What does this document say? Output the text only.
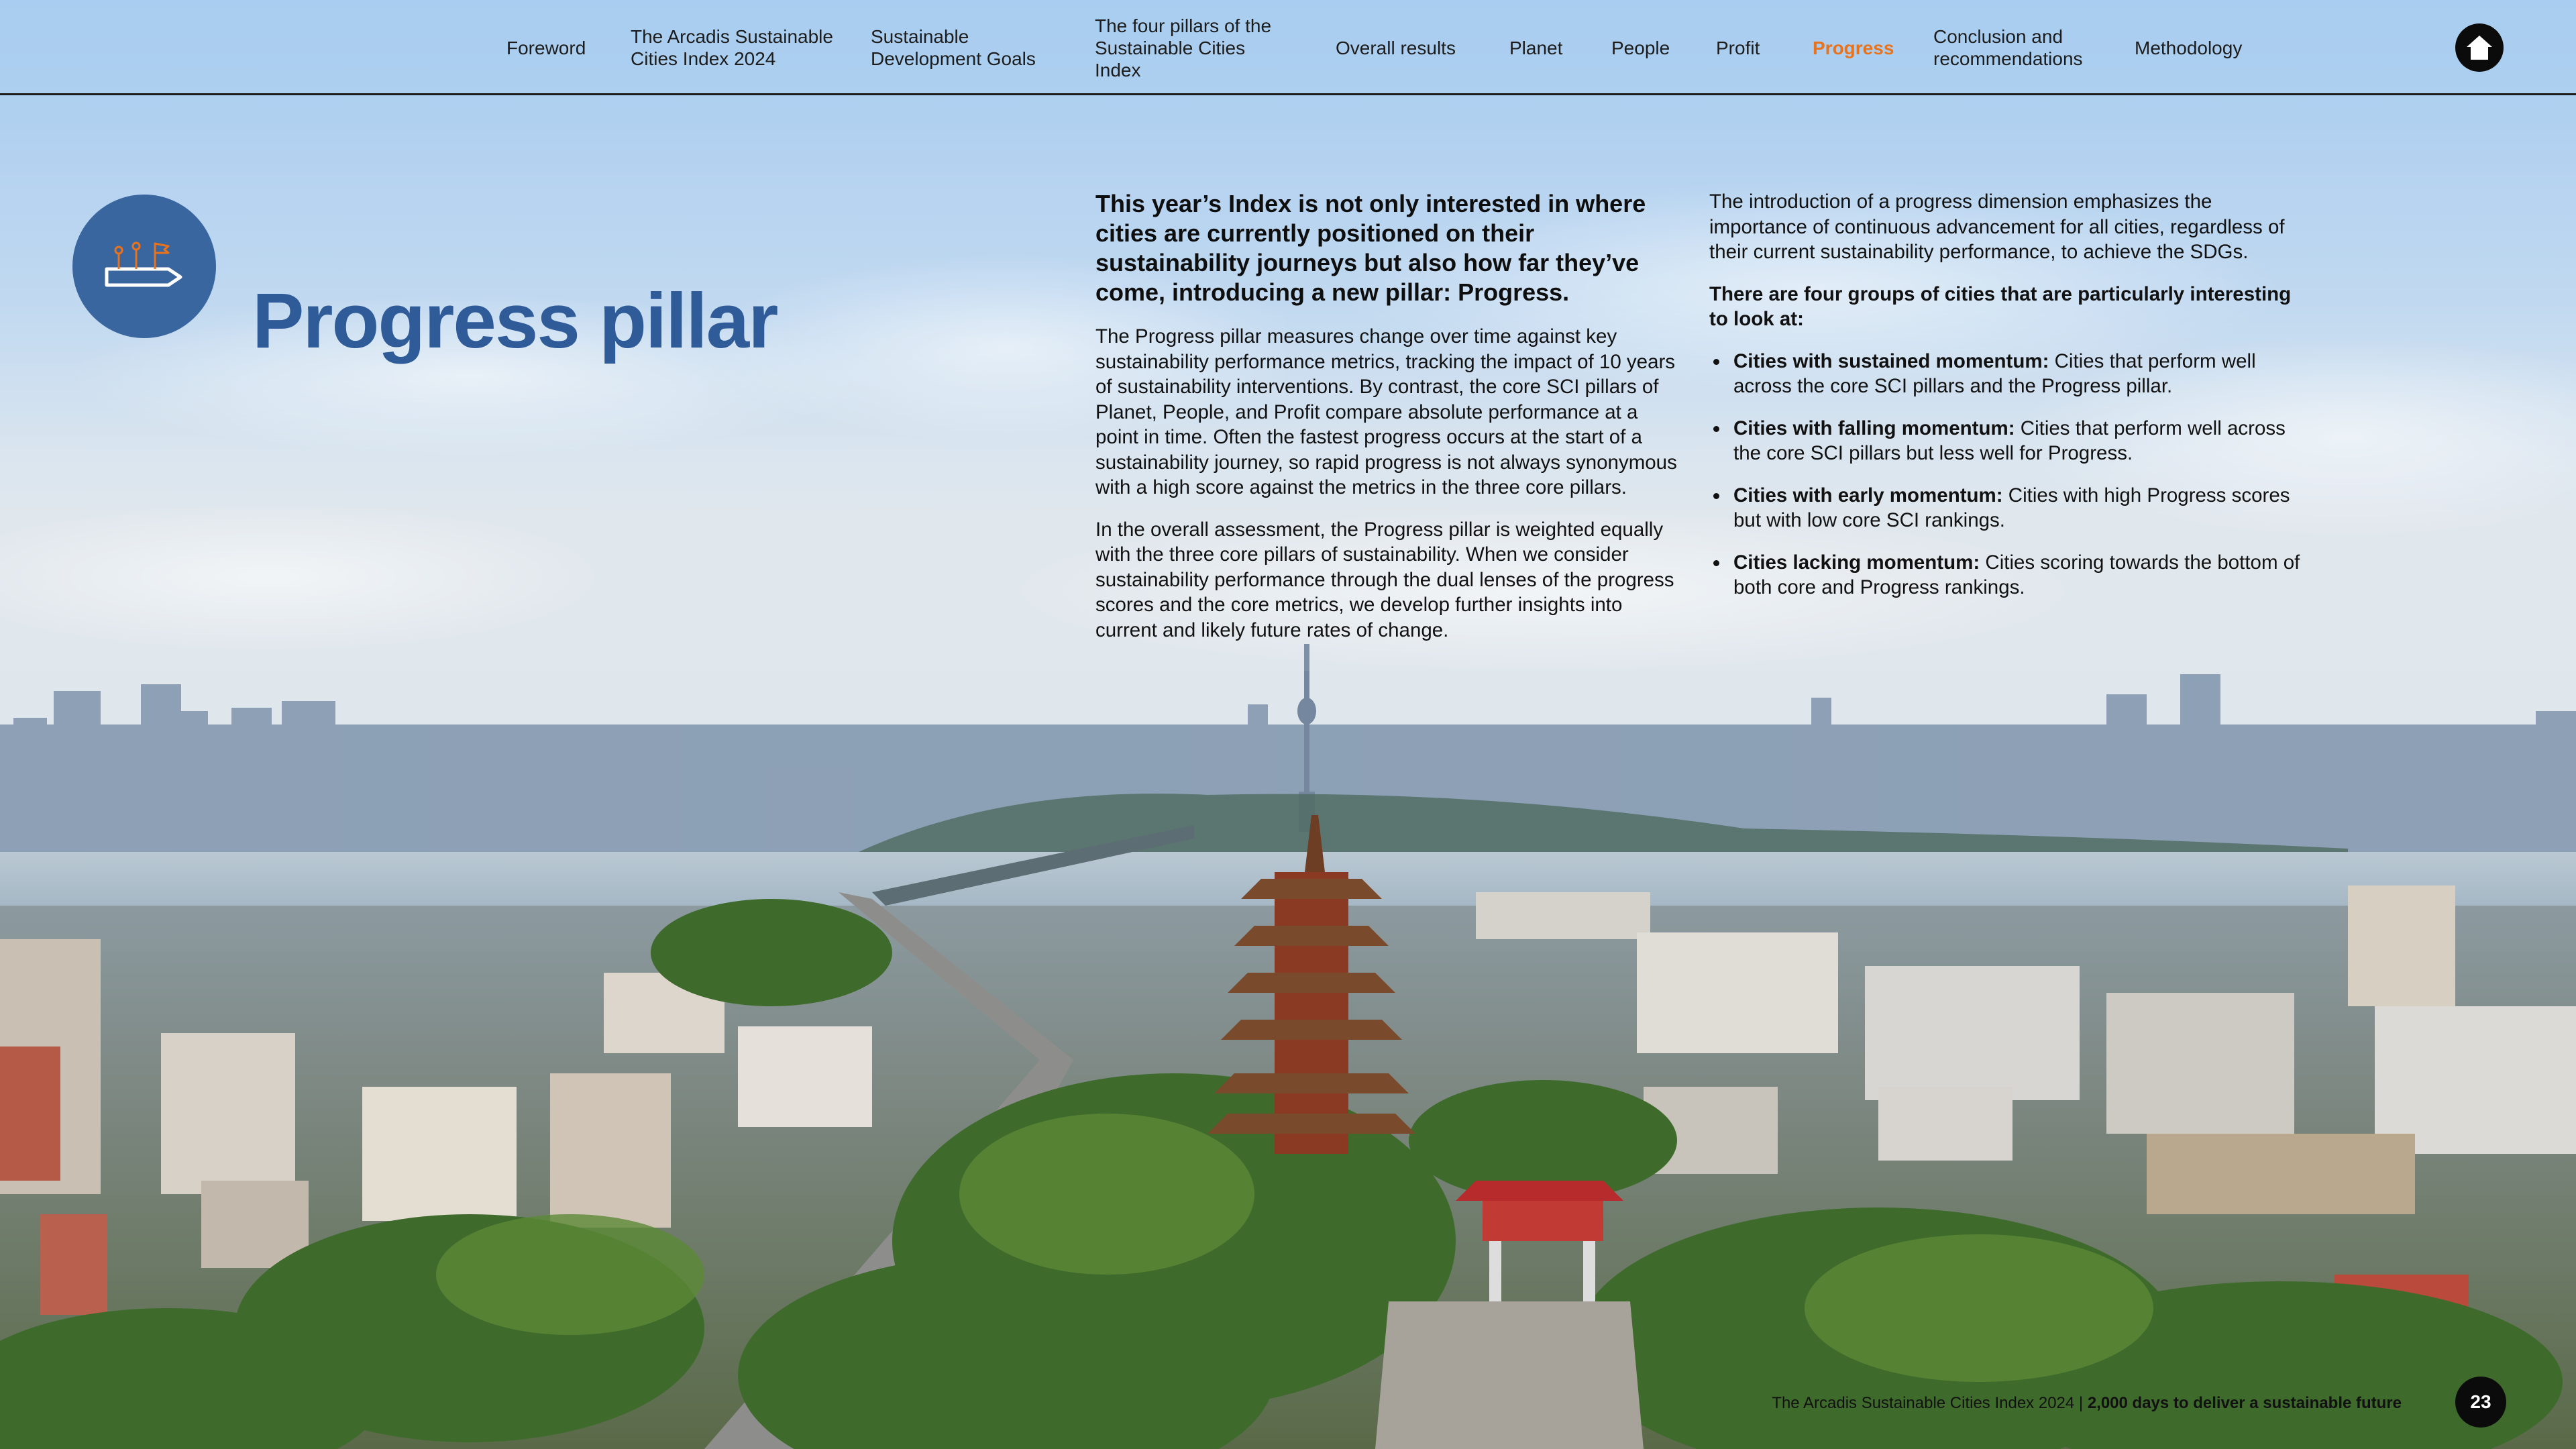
Foreword
The Arcadis Sustainable Cities Index 2024
Sustainable Development Goals
The four pillars of the Sustainable Cities Index
Overall results	Planet	People Profit	Progress
Conclusion and recommendations
Methodology
Progress pillar

This year’s Index is not only interested in where cities are currently positioned on their sustainability journeys but also how far they’ve come, introducing a new pillar: Progress.

The Progress pillar measures change over time against key sustainability performance metrics, tracking the impact of 10 years of sustainability interventions. By contrast, the core SCI pillars of Planet, People, and Profit compare absolute performance at a point in time. Often the fastest progress occurs at the start of a sustainability journey, so rapid progress is not always synonymous with a high score against the metrics in the three core pillars.

In the overall assessment, the Progress pillar is weighted equally with the three core pillars of sustainability. When we consider sustainability performance through the dual lenses of the progress scores and the core metrics, we develop further insights into current and likely future rates of change.

The introduction of a progress dimension emphasizes the importance of continuous advancement for all cities, regardless of their current sustainability performance, to achieve the SDGs.

There are four groups of cities that are particularly interesting to look at:

Cities with sustained momentum: Cities that perform well across the core SCI pillars and the Progress pillar.
Cities with falling momentum: Cities that perform well across the core SCI pillars but less well for Progress.
Cities with early momentum: Cities with high Progress scores but with low core SCI rankings.
Cities lacking momentum: Cities scoring towards the bottom of both core and Progress rankings.
The Arcadis Sustainable Cities Index 2024 | 2,000 days to deliver a sustainable future	23
